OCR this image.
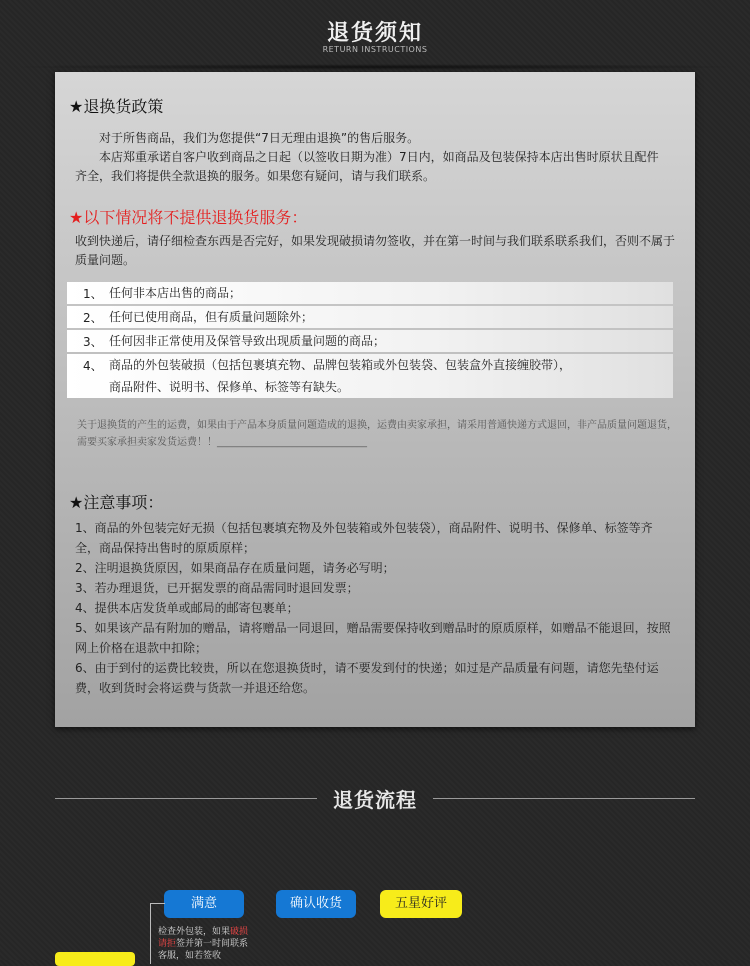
退货须知
RETURN INSTRUCTIONS
★退换货政策
对于所售商品，我们为您提供“7日无理由退换”的售后服务。
本店郑重承诺自客户收到商品之日起（以签收日期为准）7日内，如商品及包装保持本店出售时原状且配件齐全，我们将提供全款退换的服务。如果您有疑问，请与我们联系。
★以下情况将不提供退换货服务：
收到快递后，请仔细检查东西是否完好，如果发现破损请勿签收，并在第一时间与我们联系联系我们，否则不属于质量问题。
1、 任何非本店出售的商品；
2、 任何已使用商品，但有质量问题除外；
3、 任何因非正常使用及保管导致出现质量问题的商品；
4、 商品的外包装破损（包括包裹填充物、品牌包装箱或外包装袋、包装盒外直接缠胶带），
商品附件、说明书、保修单、标签等有缺失。
关于退换货的产生的运费，如果由于产品本身质量问题造成的退换，运费由卖家承担，请采用普通快递方式退回，非产品质量问题退货，需要买家承担卖家发货运费！！______________________________
★注意事项：
1、商品的外包装完好无损（包括包裹填充物及外包装箱或外包装袋），商品附件、说明书、保修单、标签等齐全，商品保持出售时的原质原样；
2、注明退换货原因，如果商品存在质量问题，请务必写明；
3、若办理退货，已开据发票的商品需同时退回发票；
4、提供本店发货单或邮局的邮寄包裹单；
5、如果该产品有附加的赠品，请将赠品一同退回，赠品需要保持收到赠品时的原质原样，如赠品不能退回，按照网上价格在退款中扣除；
6、由于到付的运费比较贵，所以在您退换货时，请不要发到付的快递；如过是产品质量有问题，请您先垫付运费，收到货时会将运费与货款一并退还给您。
退货流程
满意	确认收货	五星好评
检查外包装，如果破损请拒签并第一时间联系客服，如若签收
